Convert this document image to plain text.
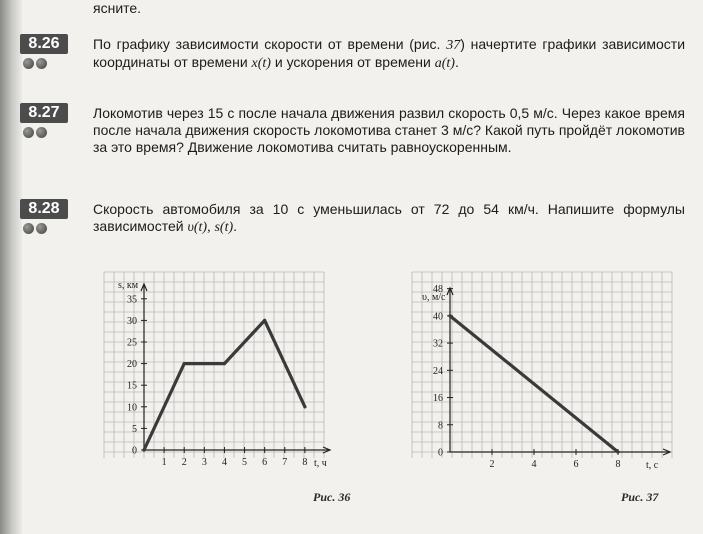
ясните.
8.26	По графику зависимости скорости от времени (рис. 37) начертите графики зависимости координаты от времени x(t) и ускорения от времени a(t).
8.27	Локомотив через 15 с после начала движения развил скорость 0,5 м/с. Через какое время после начала движения скорость локомотива станет 3 м/с? Какой путь пройдёт локомотив за это время? Движение локомотива считать равноускоренным.
8.28	Скорость автомобиля за 10 с уменьшилась от 72 до 54 км/ч. Напишите формулы зависимостей υ(t), s(t).
0
5
10
15
20
25
30
35
1 2 3 4 5 6 7 8
s, км
t, ч
Рис. 36
0
8
16
24
32
40
48
2	4	6	8
υ, м/с
t, с
Рис. 37
